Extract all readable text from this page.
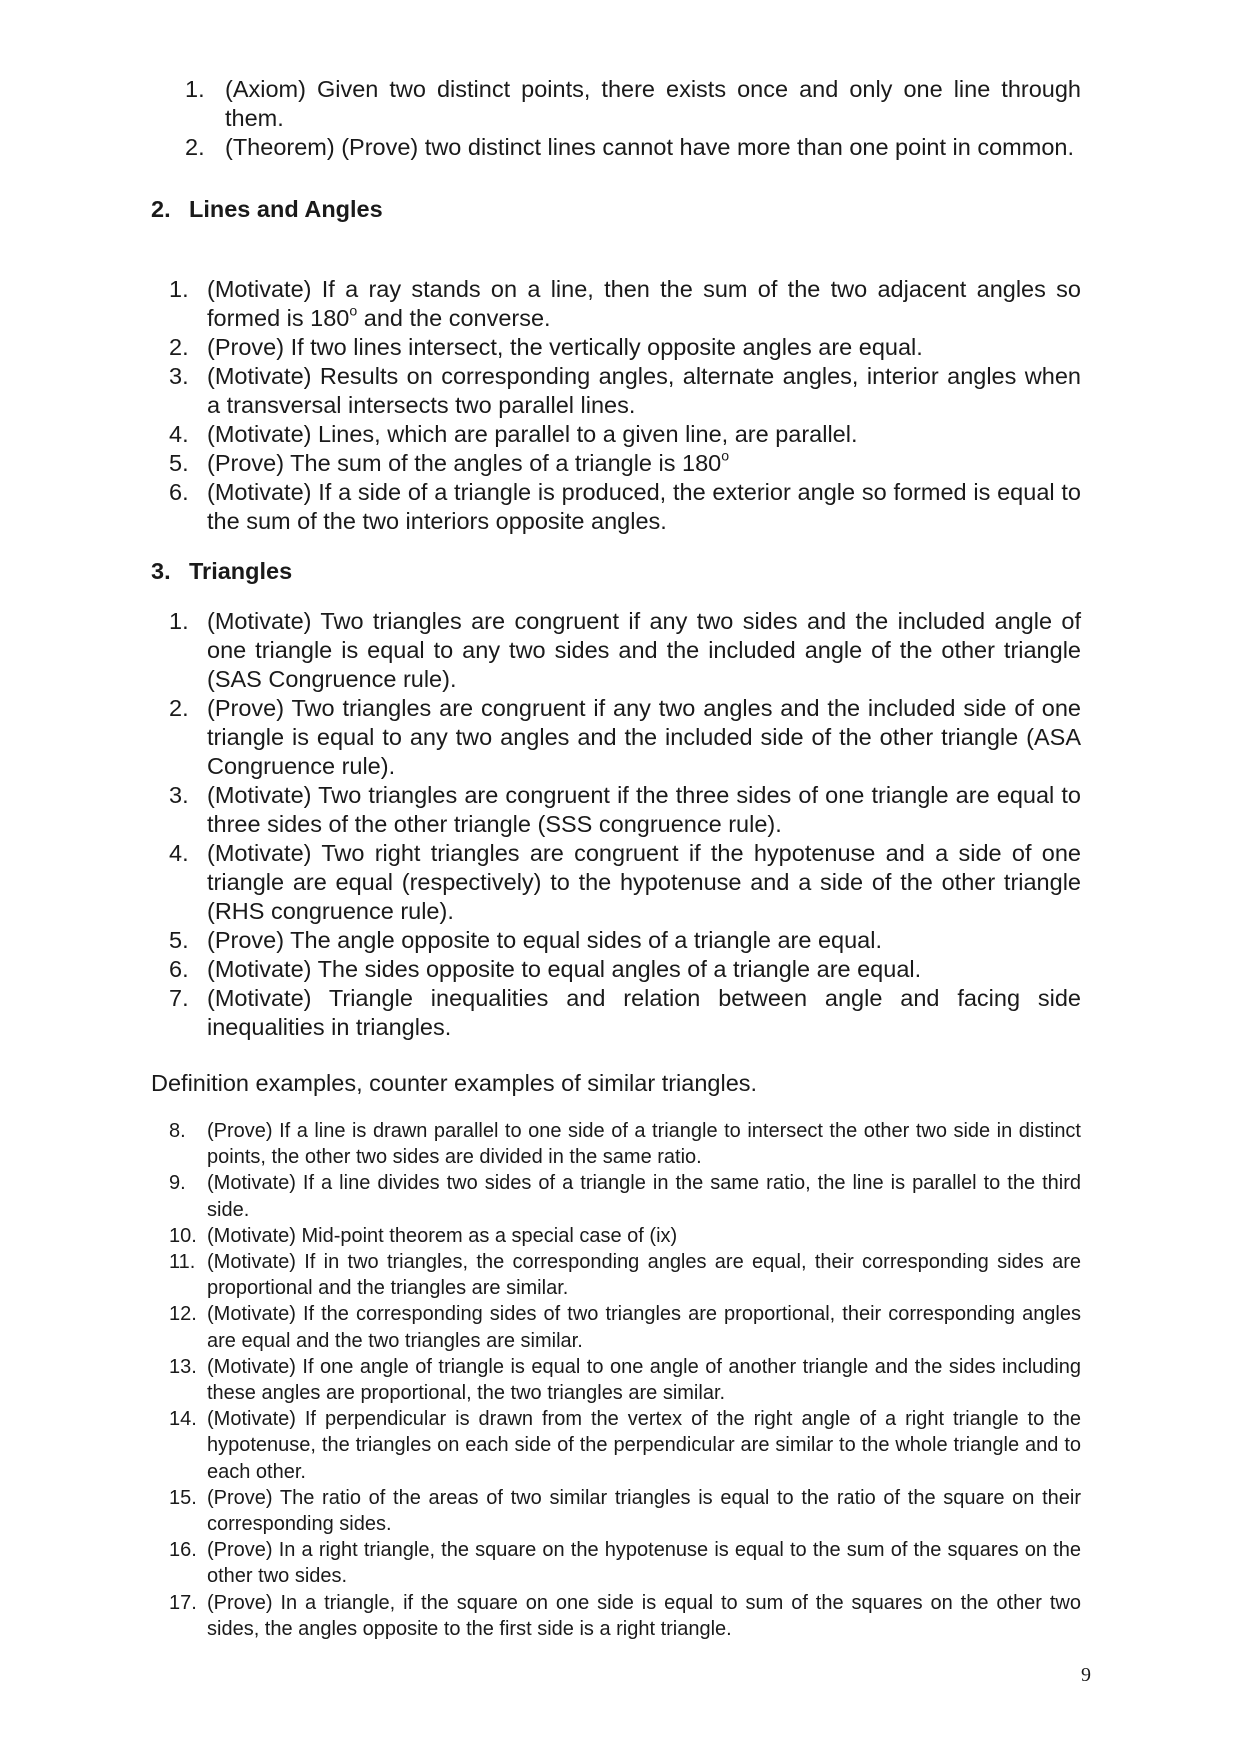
1. (Axiom) Given two distinct points, there exists once and only one line through them.
2. (Theorem) (Prove) two distinct lines cannot have more than one point in common.
2. Lines and Angles
1. (Motivate) If a ray stands on a line, then the sum of the two adjacent angles so formed is 180$^o$ and the converse.
2. (Prove) If two lines intersect, the vertically opposite angles are equal.
3. (Motivate) Results on corresponding angles, alternate angles, interior angles when a transversal intersects two parallel lines.
4. (Motivate) Lines, which are parallel to a given line, are parallel.
5. (Prove) The sum of the angles of a triangle is 180$^o$
6. (Motivate) If a side of a triangle is produced, the exterior angle so formed is equal to the sum of the two interiors opposite angles.
3. Triangles
1. (Motivate) Two triangles are congruent if any two sides and the included angle of one triangle is equal to any two sides and the included angle of the other triangle (SAS Congruence rule).
2. (Prove) Two triangles are congruent if any two angles and the included side of one triangle is equal to any two angles and the included side of the other triangle (ASA Congruence rule).
3. (Motivate) Two triangles are congruent if the three sides of one triangle are equal to three sides of the other triangle (SSS congruence rule).
4. (Motivate) Two right triangles are congruent if the hypotenuse and a side of one triangle are equal (respectively) to the hypotenuse and a side of the other triangle (RHS congruence rule).
5. (Prove) The angle opposite to equal sides of a triangle are equal.
6. (Motivate) The sides opposite to equal angles of a triangle are equal.
7. (Motivate) Triangle inequalities and relation between angle and facing side inequalities in triangles.
Definition examples, counter examples of similar triangles.
8. (Prove) If a line is drawn parallel to one side of a triangle to intersect the other two side in distinct points, the other two sides are divided in the same ratio.
9. (Motivate) If a line divides two sides of a triangle in the same ratio, the line is parallel to the third side.
10. (Motivate) Mid-point theorem as a special case of (ix)
11. (Motivate) If in two triangles, the corresponding angles are equal, their corresponding sides are proportional and the triangles are similar.
12. (Motivate) If the corresponding sides of two triangles are proportional, their corresponding angles are equal and the two triangles are similar.
13. (Motivate) If one angle of triangle is equal to one angle of another triangle and the sides including these angles are proportional, the two triangles are similar.
14. (Motivate) If perpendicular is drawn from the vertex of the right angle of a right triangle to the hypotenuse, the triangles on each side of the perpendicular are similar to the whole triangle and to each other.
15. (Prove) The ratio of the areas of two similar triangles is equal to the ratio of the square on their corresponding sides.
16. (Prove) In a right triangle, the square on the hypotenuse is equal to the sum of the squares on the other two sides.
17. (Prove) In a triangle, if the square on one side is equal to sum of the squares on the other two sides, the angles opposite to the first side is a right triangle.
9
